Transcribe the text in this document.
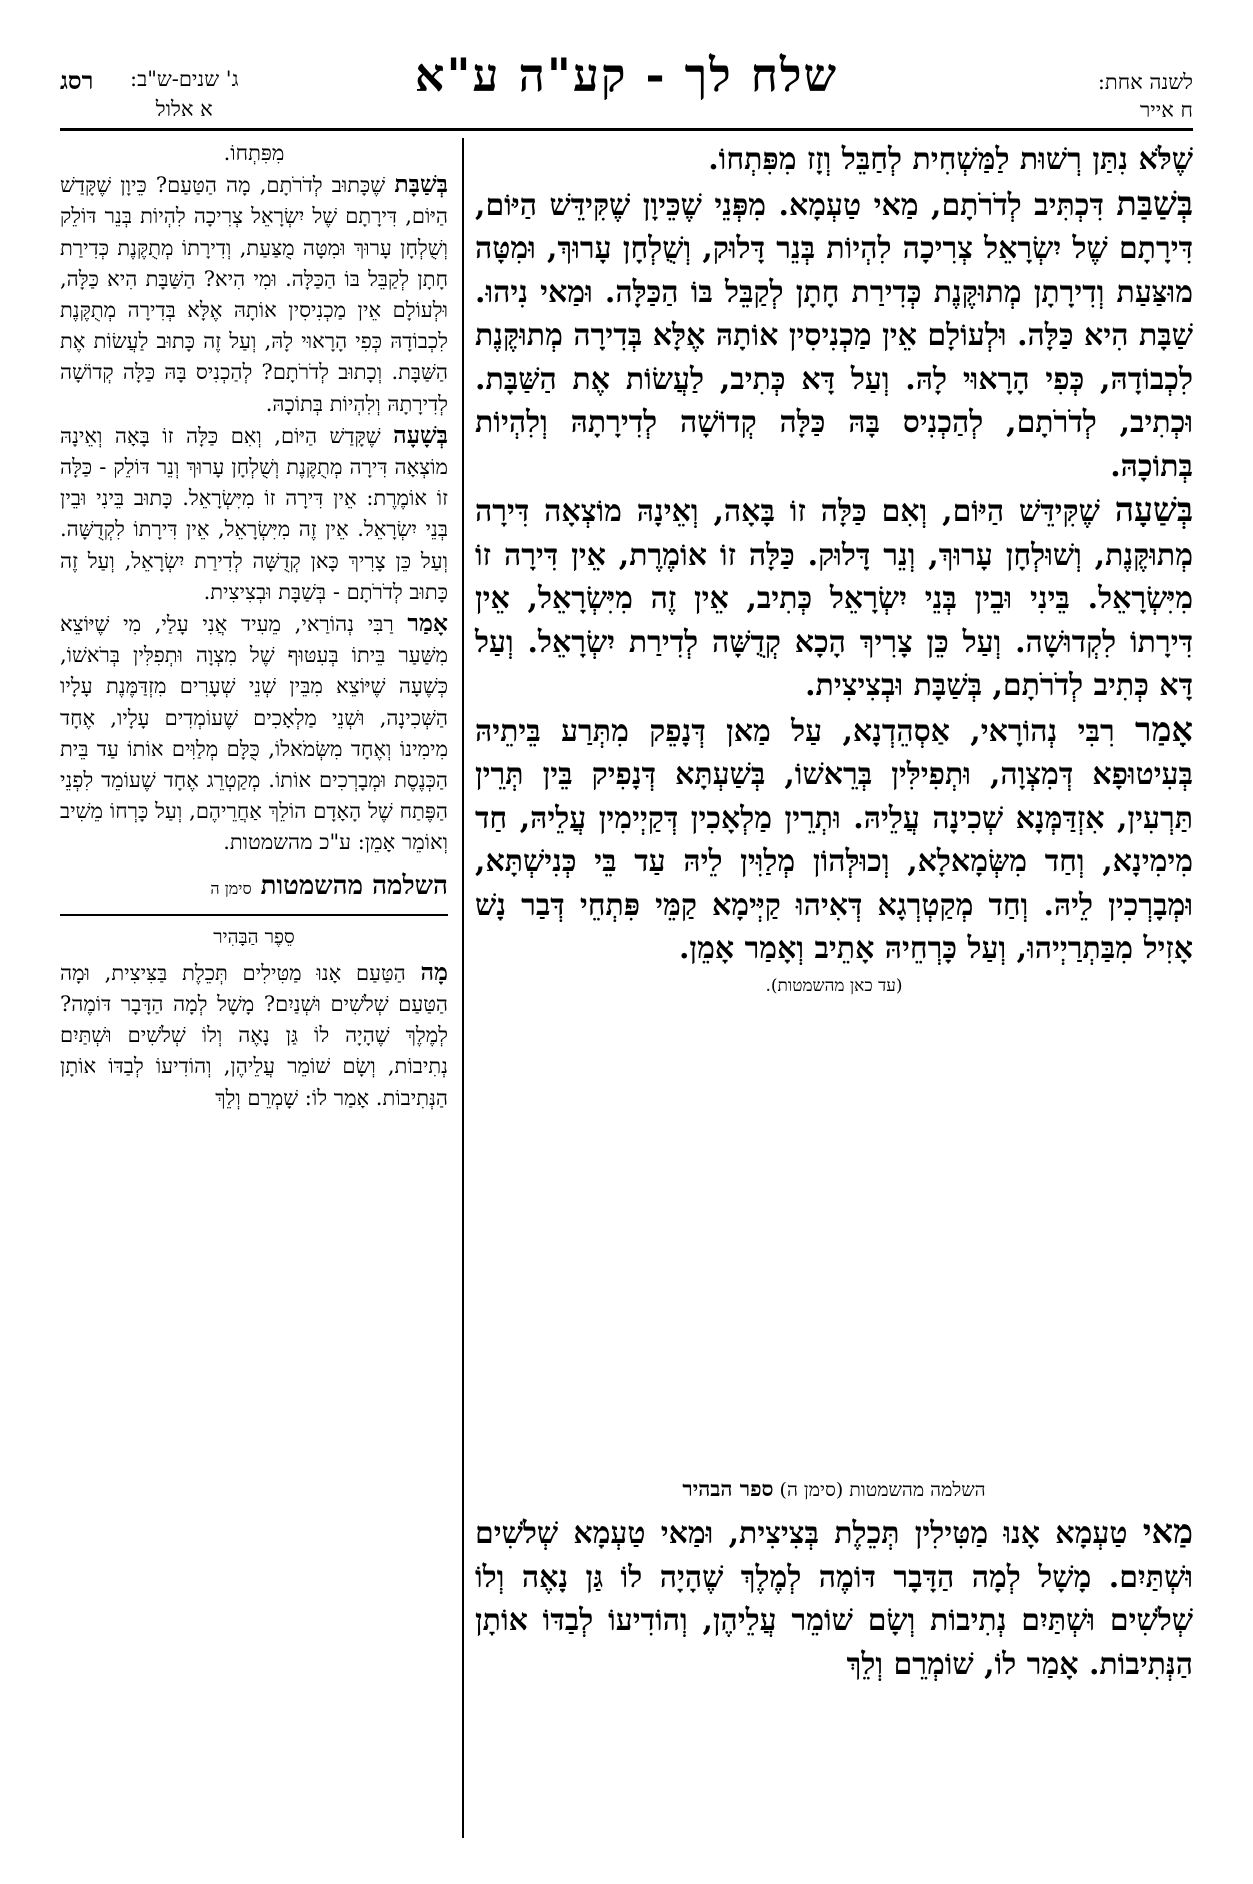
לשנה אחת:
ח אייר
שלח לך - קע"ה ע"א
ג' שנים-ש"ב:
א אלול
רסג

שֶׁלֹּא נִתַּן רְשׁוּת לַמַּשְׁחִית לְחַבֵּל וְזָז מִפִּתְחוֹ.

בְּשַׁבַּת דִּכְתִּיב לְדֹרֹתָם, מַאי טַעְמָא. מִפְּנֵי שֶׁכֵּיוָן שֶׁקִּידֵּשׁ הַיּוֹם, דִּירָתָם שֶׁל יִשְׂרָאֵל צְרִיכָה לִהְיוֹת בְּנֵר דָּלוּק, וְשֻׁלְחָן עָרוּךְ, וּמִטָּה מוּצַּעַת וְדִירָתָן מְתוּקֶּנֶת כְּדִירַת חָתָן לְקַבֵּל בּוֹ הַכַּלָּה. וּמַאי נִיהוּ. שַׁבָּת הִיא כַּלָּה. וּלְעוֹלָם אֵין מַכְנִיסִין אוֹתָהּ אֶלָּא בְּדִירָה מְתוּקֶּנֶת לִכְבוֹדָהּ, כְּפִי הָרָאוּי לָהּ. וְעַל דָּא כְּתִיב, לַעֲשׂוֹת אֶת הַשַּׁבָּת. וּכְתִיב, לְדֹרֹתָם, לְהַכְנִיס בָּהּ כַּלָּה קְדוֹשָׁה לְדִירָתָהּ וְלִהְיוֹת בְּתוֹכָהּ.

בְּשַׁעָה שֶׁקִּידֵּשׁ הַיּוֹם, וְאִם כַּלָּה זוֹ בָּאָה, וְאֵינָהּ מוֹצְאָה דִּירָה מְתוּקֶּנֶת, וְשׁוּלְחָן עָרוּךְ, וְנֵר דָּלוּק. כַּלָּה זוֹ אוֹמֶרֶת, אֵין דִּירָה זוֹ מִיִּשְׂרָאֵל. בֵּינִי וּבֵין בְּנֵי יִשְׂרָאֵל כְּתִיב, אֵין זֶה מִיִּשְׂרָאֵל, אֵין דִּירָתוֹ לִקְדוּשָׁה. וְעַל כֵּן צָרִיךְ הָכָא קְדֻשָּׁה לְדִירַת יִשְׂרָאֵל. וְעַל דָּא כְּתִיב לְדֹרֹתָם, בְּשַׁבָּת וּבְצִיצִית.

אָמַר רִבִּי נְהוֹרָאי, אַסְהֵדְנָא, עַל מַאן דְּנָפֵק מִתְּרַע בֵּיתֵיהּ בְּעִיטוּפָא דְּמִצְוָה, וּתְפִילִּין בְּרֵאשׁוֹ, בְּשַׁעְתָּא דְּנָפִיק בֵּין תְּרֵין תַּרְעִין, אִזְדַּמְּנָא שְׁכִינָה עֲלֵיהּ. וּתְרֵין מַלְאָכִין דְּקַיְימִין עֲלֵיהּ, חַד מִימִינָא, וְחַד מִשְּׂמָאלָא, וְכוּלְּהוֹן מְלַוִּין לֵיהּ עַד בֵּי כְּנִישְׁתָּא, וּמְבָרְכִין לֵיהּ. וְחַד מְקַטְרְגָא דְּאִיהוּ קַיְּימָא קַמֵּי פִּתְחֵי דְּבַר נָשׁ אָזִיל מִבַּתְרַיְיהוּ, וְעַל כָּרְחֵיהּ אָתֵיב וְאָמַר אָמֵן.

(עד כאן מהשמטות).
השלמה מהשמטות (סימן ה) ספר הבהיר

מַאי טַעְמָא אָנוּ מַטִּילִין תְּכֵלֶת בְּצִיצִית, וּמַאי טַעְמָא שְׁלֹשִׁים וּשְׁתַּיִם. מָשָׁל לְמָה הַדָּבָר דּוֹמֶה לְמֶלֶךְ שֶׁהָיָה לוֹ גַּן נָאֶה וְלוֹ שְׁלֹשִׁים וּשְׁתַּיִם נְתִיבוֹת וְשָׂם שׁוֹמֵר עֲלֵיהֶן, וְהוֹדִיעוֹ לְבַדּוֹ אוֹתָן הַנְּתִיבוֹת. אָמַר לוֹ, שׁוֹמְרֵם וְלֵךְ

מִפִּתְחוֹ.

בְּשַׁבָּת שֶׁכָּתוּב לְדֹרֹתָם, מָה הַטַּעַם? כֵּיוָן שֶׁקָּדַשׁ הַיּוֹם, דִּירָתָם שֶׁל יִשְׂרָאֵל צְרִיכָה לִהְיוֹת בְּנֵר דּוֹלֵק וְשֻׁלְחָן עָרוּךְ וּמִטָּה מֻצַּעַת, וְדִירָתוֹ מְתֻקֶּנֶת כְּדִירַת חָתָן לְקַבֵּל בּוֹ הַכַּלָּה. וּמִי הִיא? הַשַּׁבָּת הִיא כַּלָּה, וּלְעוֹלָם אֵין מַכְנִיסִין אוֹתָהּ אֶלָּא בְּדִירָה מְתֻקֶּנֶת לִכְבוֹדָהּ כְּפִי הָרָאוּי לָהּ, וְעַל זֶה כָּתוּב לַעֲשׂוֹת אֶת הַשַּׁבָּת. וְכָתוּב לְדֹרֹתָם? לְהַכְנִיס בָּהּ כַּלָּה קְדוֹשָׁה לְדִירָתָהּ וְלִהְיוֹת בְּתוֹכָהּ.

בְּשָׁעָה שֶׁקָּדַשׁ הַיּוֹם, וְאִם כַּלָּה זוֹ בָּאָה וְאֵינָהּ מוֹצְאָה דִּירָה מְתֻקֶּנֶת וְשֻׁלְחָן עָרוּךְ וְנֵר דּוֹלֵק - כַּלָּה זוֹ אוֹמֶרֶת: אֵין דִּירָה זוֹ מִיִּשְׂרָאֵל. כָּתוּב בֵּינִי וּבֵין בְּנֵי יִשְׂרָאֵל. אֵין זֶה מִיִּשְׂרָאֵל, אֵין דִּירָתוֹ לִקְדֻשָּׁה. וְעַל כֵּן צָרִיךְ כָּאן קְדֻשָּׁה לְדִירַת יִשְׂרָאֵל, וְעַל זֶה כָּתוּב לְדֹרֹתָם - בְּשַׁבָּת וּבְצִיצִית.

אָמַר רַבִּי נְהוֹרַאי, מֵעִיד אֲנִי עָלַי, מִי שֶׁיּוֹצֵא מִשַּׁעַר בֵּיתוֹ בְּעִטּוּף שֶׁל מִצְוָה וּתְפִלִּין בְּרֹאשׁוֹ, כְּשֶׁעָה שֶׁיּוֹצֵא מִבֵּין שְׁנֵי שְׁעָרִים מִזְדַּמֶּנֶת עָלָיו הַשְּׁכִינָה, וּשְׁנֵי מַלְאָכִים שֶׁעוֹמְדִים עָלָיו, אֶחָד מִימִינוֹ וְאֶחָד מִשְּׂמֹאלוֹ, כֻּלָּם מְלַוִּים אוֹתוֹ עַד בֵּית הַכְּנֶסֶת וּמְבָרְכִים אוֹתוֹ. מְקַטְרֵג אֶחָד שֶׁעוֹמֵד לִפְנֵי הַפֶּתַח שֶׁל הָאָדָם הוֹלֵךְ אַחֲרֵיהֶם, וְעַל כָּרְחוֹ מֵשִׁיב וְאוֹמֵר אָמֵן: ע"כ מהשמטות.

השלמה מהשמטות סימן ה
סֵפֶר הַבָּהִיר

מָה הַטַּעַם אָנוּ מַטִּילִים תְּכֵלֶת בַּצִּיצִית, וּמָה הַטַּעַם שְׁלֹשִׁים וּשְׁנַיִם? מָשָׁל לְמָה הַדָּבָר דּוֹמֶה? לְמֶלֶךְ שֶׁהָיָה לוֹ גַּן נָאֶה וְלוֹ שְׁלֹשִׁים וּשְׁתַּיִם נְתִיבוֹת, וְשָׂם שׁוֹמֵר עֲלֵיהֶן, וְהוֹדִיעוֹ לְבַדּוֹ אוֹתָן הַנְּתִיבוֹת. אָמַר לוֹ: שָׁמְרֵם וְלֵךְ
